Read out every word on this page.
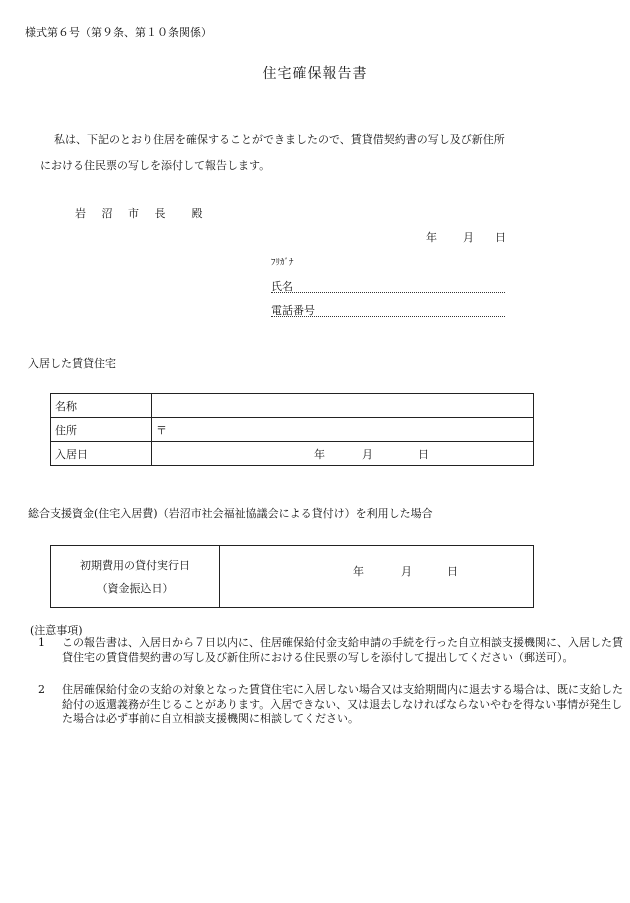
様式第６号（第９条、第１０条関係）
住宅確保報告書
私は、下記のとおり住居を確保することができましたので、賃貸借契約書の写し及び新住所
における住民票の写しを添付して報告します。
岩 沼 市 長 殿
年 月 日
ﾌﾘｶﾞﾅ
氏名
電話番号
入居した賃貸住宅
名称	
住所	〒
入居日	年 月 日
総合支援資金(住宅入居費)（岩沼市社会福祉協議会による貸付け）を利用した場合
初期費用の貸付実行日
（資金振込日）
	年	月	日
(注意事項)
1 この報告書は、入居日から７日以内に、住居確保給付金支給申請の手続を行った自立相談支援機関に、入居した賃貸住宅の賃貸借契約書の写し及び新住所における住民票の写しを添付して提出してください（郵送可）。
2 住居確保給付金の支給の対象となった賃貸住宅に入居しない場合又は支給期間内に退去する場合は、既に支給した給付の返還義務が生じることがあります。入居できない、又は退去しなければならないやむを得ない事情が発生した場合は必ず事前に自立相談支援機関に相談してください。
